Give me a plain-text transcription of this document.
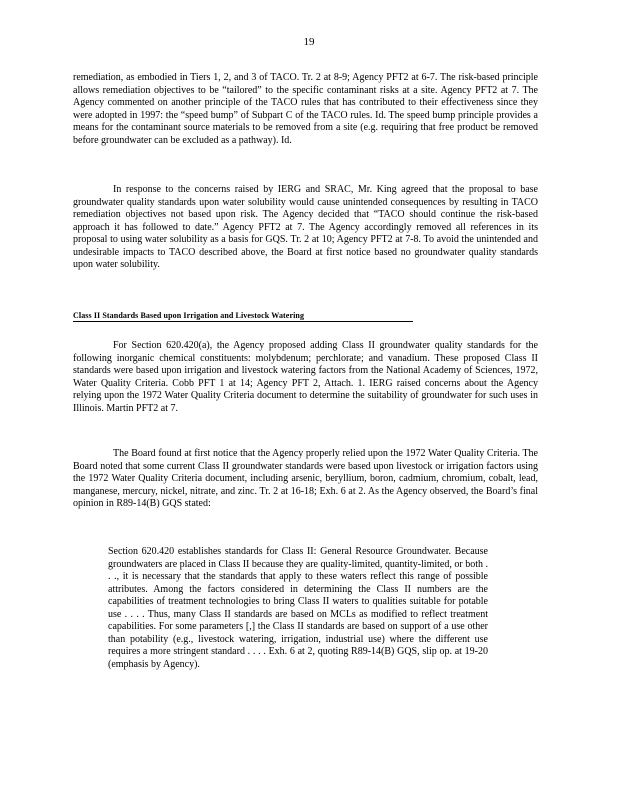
19

remediation, as embodied in Tiers 1, 2, and 3 of TACO. Tr. 2 at 8-9; Agency PFT2 at 6-7. The risk-based principle allows remediation objectives to be “tailored” to the specific contaminant risks at a site. Agency PFT2 at 7. The Agency commented on another principle of the TACO rules that has contributed to their effectiveness since they were adopted in 1997: the “speed bump” of Subpart C of the TACO rules. Id. The speed bump principle provides a means for the contaminant source materials to be removed from a site (e.g. requiring that free product be removed before groundwater can be excluded as a pathway). Id.

In response to the concerns raised by IERG and SRAC, Mr. King agreed that the proposal to base groundwater quality standards upon water solubility would cause unintended consequences by resulting in TACO remediation objectives not based upon risk. The Agency decided that “TACO should continue the risk-based approach it has followed to date.” Agency PFT2 at 7. The Agency accordingly removed all references in its proposal to using water solubility as a basis for GQS. Tr. 2 at 10; Agency PFT2 at 7-8. To avoid the unintended and undesirable impacts to TACO described above, the Board at first notice based no groundwater quality standards upon water solubility.

Class II Standards Based upon Irrigation and Livestock Watering

For Section 620.420(a), the Agency proposed adding Class II groundwater quality standards for the following inorganic chemical constituents: molybdenum; perchlorate; and vanadium. These proposed Class II standards were based upon irrigation and livestock watering factors from the National Academy of Sciences, 1972, Water Quality Criteria. Cobb PFT 1 at 14; Agency PFT 2, Attach. 1. IERG raised concerns about the Agency relying upon the 1972 Water Quality Criteria document to determine the suitability of groundwater for such uses in Illinois. Martin PFT2 at 7.

The Board found at first notice that the Agency properly relied upon the 1972 Water Quality Criteria. The Board noted that some current Class II groundwater standards were based upon livestock or irrigation factors using the 1972 Water Quality Criteria document, including arsenic, beryllium, boron, cadmium, chromium, cobalt, lead, manganese, mercury, nickel, nitrate, and zinc. Tr. 2 at 16-18; Exh. 6 at 2. As the Agency observed, the Board’s final opinion in R89-14(B) GQS stated:

Section 620.420 establishes standards for Class II: General Resource Groundwater. Because groundwaters are placed in Class II because they are quality-limited, quantity-limited, or both . . ., it is necessary that the standards that apply to these waters reflect this range of possible attributes. Among the factors considered in determining the Class II numbers are the capabilities of treatment technologies to bring Class II waters to qualities suitable for potable use . . . . Thus, many Class II standards are based on MCLs as modified to reflect treatment capabilities. For some parameters [,] the Class II standards are based on support of a use other than potability (e.g., livestock watering, irrigation, industrial use) where the different use requires a more stringent standard . . . . Exh. 6 at 2, quoting R89-14(B) GQS, slip op. at 19-20 (emphasis by Agency).
